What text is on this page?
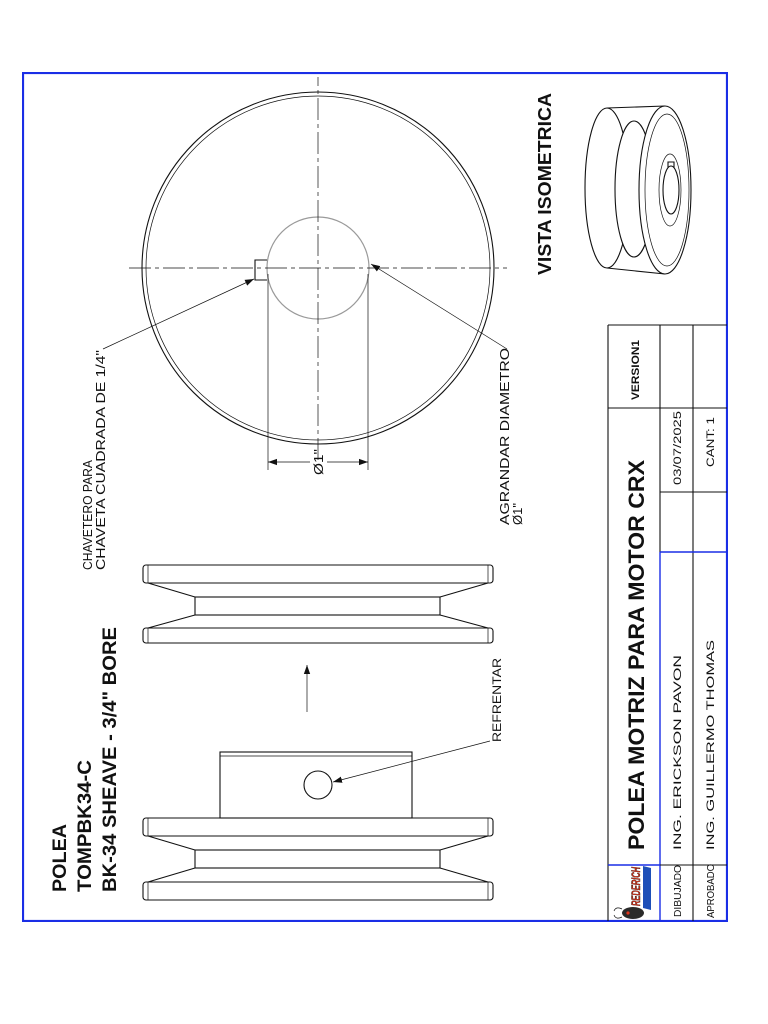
POLEA TOMPBK34-C BK-34 SHEAVE - 3/4" BORE	REFRENTAR
CHAVETERO PARA
CHAVETA CUADRADA DE 1/4"	AGRANDAR DIAMETRO
Ø1"
Ø1"
VISTA ISOMETRICA
REDERICH
POLEA MOTRIZ PARA MOTOR CRX
VERSION1
DIBUJADO
ING. ERICKSON PAVON
03/07/2025
APROBADO
ING. GUILLERMO THOMAS
CANT: 1
